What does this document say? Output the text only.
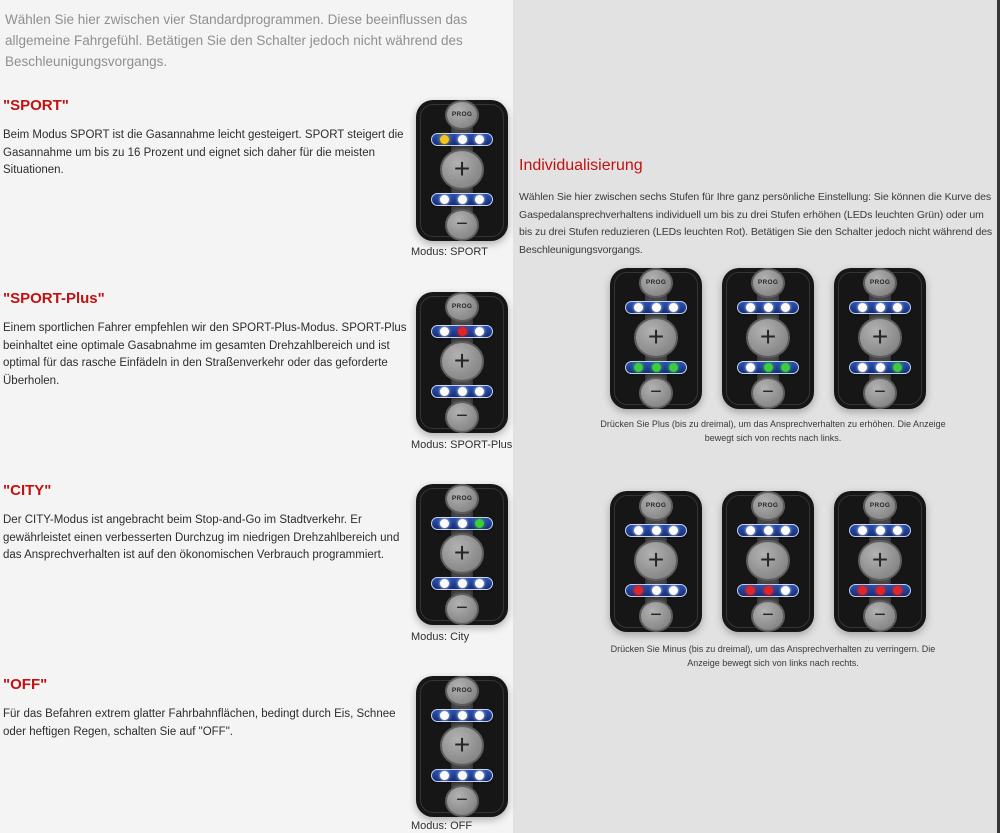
Wählen Sie hier zwischen vier Standardprogrammen. Diese beeinflussen das allgemeine Fahrgefühl. Betätigen Sie den Schalter jedoch nicht während des Beschleunigungsvorgangs.

"SPORT"

Beim Modus SPORT ist die Gasannahme leicht gesteigert. SPORT steigert die Gasannahme um bis zu 16 Prozent und eignet sich daher für die meisten Situationen.

PROG
+
−
Modus: SPORT
"SPORT-Plus"

Einem sportlichen Fahrer empfehlen wir den SPORT-Plus-Modus. SPORT-Plus beinhaltet eine optimale Gasabnahme im gesamten Drehzahlbereich und ist optimal für das rasche Einfädeln in den Straßenverkehr oder das geforderte Überholen.

PROG
+
−
Modus: SPORT-Plus
"CITY"

Der CITY-Modus ist angebracht beim Stop-and-Go im Stadtverkehr. Er gewährleistet einen verbesserten Durchzug im niedrigen Drehzahlbereich und das Ansprechverhalten ist auf den ökonomischen Verbrauch programmiert.

PROG
+
−
Modus: City
"OFF"

Für das Befahren extrem glatter Fahrbahnflächen, bedingt durch Eis, Schnee oder heftigen Regen, schalten Sie auf "OFF".

PROG
+
−
Modus: OFF
Individualisierung

Wählen Sie hier zwischen sechs Stufen für Ihre ganz persönliche Einstellung: Sie können die Kurve des Gaspedalansprechverhaltens individuell um bis zu drei Stufen erhöhen (LEDs leuchten Grün) oder um bis zu drei Stufen reduzieren (LEDs leuchten Rot). Betätigen Sie den Schalter jedoch nicht während des Beschleunigungsvorgangs.

PROG
+
−
PROG
+
−
PROG
+
−

Drücken Sie Plus (bis zu dreimal), um das Ansprechverhalten zu erhöhen. Die Anzeige bewegt sich von rechts nach links.

PROG
+
−
PROG
+
−
PROG
+
−

Drücken Sie Minus (bis zu dreimal), um das Ansprechverhalten zu verringern. Die Anzeige bewegt sich von links nach rechts.
